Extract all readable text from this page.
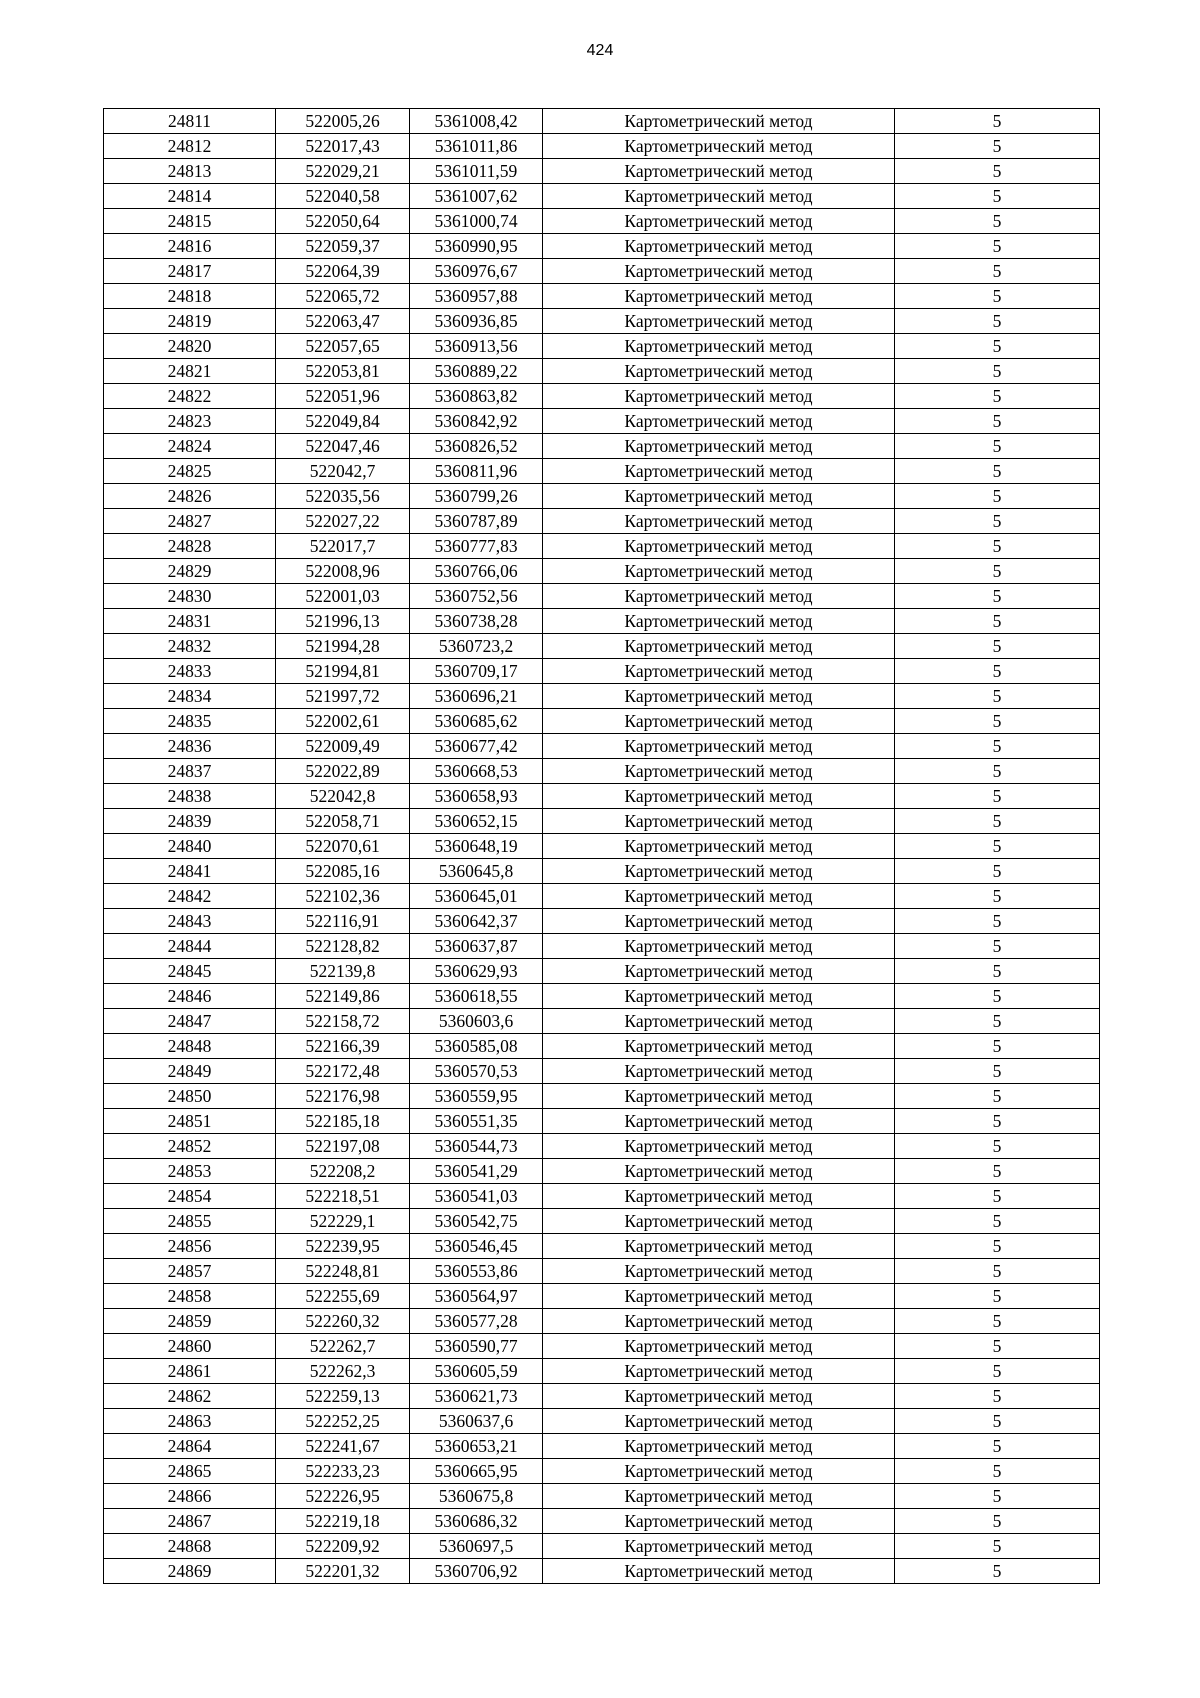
424
24811	522005,26	5361008,42	Картометрический метод	5
24812	522017,43	5361011,86	Картометрический метод	5
24813	522029,21	5361011,59	Картометрический метод	5
24814	522040,58	5361007,62	Картометрический метод	5
24815	522050,64	5361000,74	Картометрический метод	5
24816	522059,37	5360990,95	Картометрический метод	5
24817	522064,39	5360976,67	Картометрический метод	5
24818	522065,72	5360957,88	Картометрический метод	5
24819	522063,47	5360936,85	Картометрический метод	5
24820	522057,65	5360913,56	Картометрический метод	5
24821	522053,81	5360889,22	Картометрический метод	5
24822	522051,96	5360863,82	Картометрический метод	5
24823	522049,84	5360842,92	Картометрический метод	5
24824	522047,46	5360826,52	Картометрический метод	5
24825	522042,7	5360811,96	Картометрический метод	5
24826	522035,56	5360799,26	Картометрический метод	5
24827	522027,22	5360787,89	Картометрический метод	5
24828	522017,7	5360777,83	Картометрический метод	5
24829	522008,96	5360766,06	Картометрический метод	5
24830	522001,03	5360752,56	Картометрический метод	5
24831	521996,13	5360738,28	Картометрический метод	5
24832	521994,28	5360723,2	Картометрический метод	5
24833	521994,81	5360709,17	Картометрический метод	5
24834	521997,72	5360696,21	Картометрический метод	5
24835	522002,61	5360685,62	Картометрический метод	5
24836	522009,49	5360677,42	Картометрический метод	5
24837	522022,89	5360668,53	Картометрический метод	5
24838	522042,8	5360658,93	Картометрический метод	5
24839	522058,71	5360652,15	Картометрический метод	5
24840	522070,61	5360648,19	Картометрический метод	5
24841	522085,16	5360645,8	Картометрический метод	5
24842	522102,36	5360645,01	Картометрический метод	5
24843	522116,91	5360642,37	Картометрический метод	5
24844	522128,82	5360637,87	Картометрический метод	5
24845	522139,8	5360629,93	Картометрический метод	5
24846	522149,86	5360618,55	Картометрический метод	5
24847	522158,72	5360603,6	Картометрический метод	5
24848	522166,39	5360585,08	Картометрический метод	5
24849	522172,48	5360570,53	Картометрический метод	5
24850	522176,98	5360559,95	Картометрический метод	5
24851	522185,18	5360551,35	Картометрический метод	5
24852	522197,08	5360544,73	Картометрический метод	5
24853	522208,2	5360541,29	Картометрический метод	5
24854	522218,51	5360541,03	Картометрический метод	5
24855	522229,1	5360542,75	Картометрический метод	5
24856	522239,95	5360546,45	Картометрический метод	5
24857	522248,81	5360553,86	Картометрический метод	5
24858	522255,69	5360564,97	Картометрический метод	5
24859	522260,32	5360577,28	Картометрический метод	5
24860	522262,7	5360590,77	Картометрический метод	5
24861	522262,3	5360605,59	Картометрический метод	5
24862	522259,13	5360621,73	Картометрический метод	5
24863	522252,25	5360637,6	Картометрический метод	5
24864	522241,67	5360653,21	Картометрический метод	5
24865	522233,23	5360665,95	Картометрический метод	5
24866	522226,95	5360675,8	Картометрический метод	5
24867	522219,18	5360686,32	Картометрический метод	5
24868	522209,92	5360697,5	Картометрический метод	5
24869	522201,32	5360706,92	Картометрический метод	5
